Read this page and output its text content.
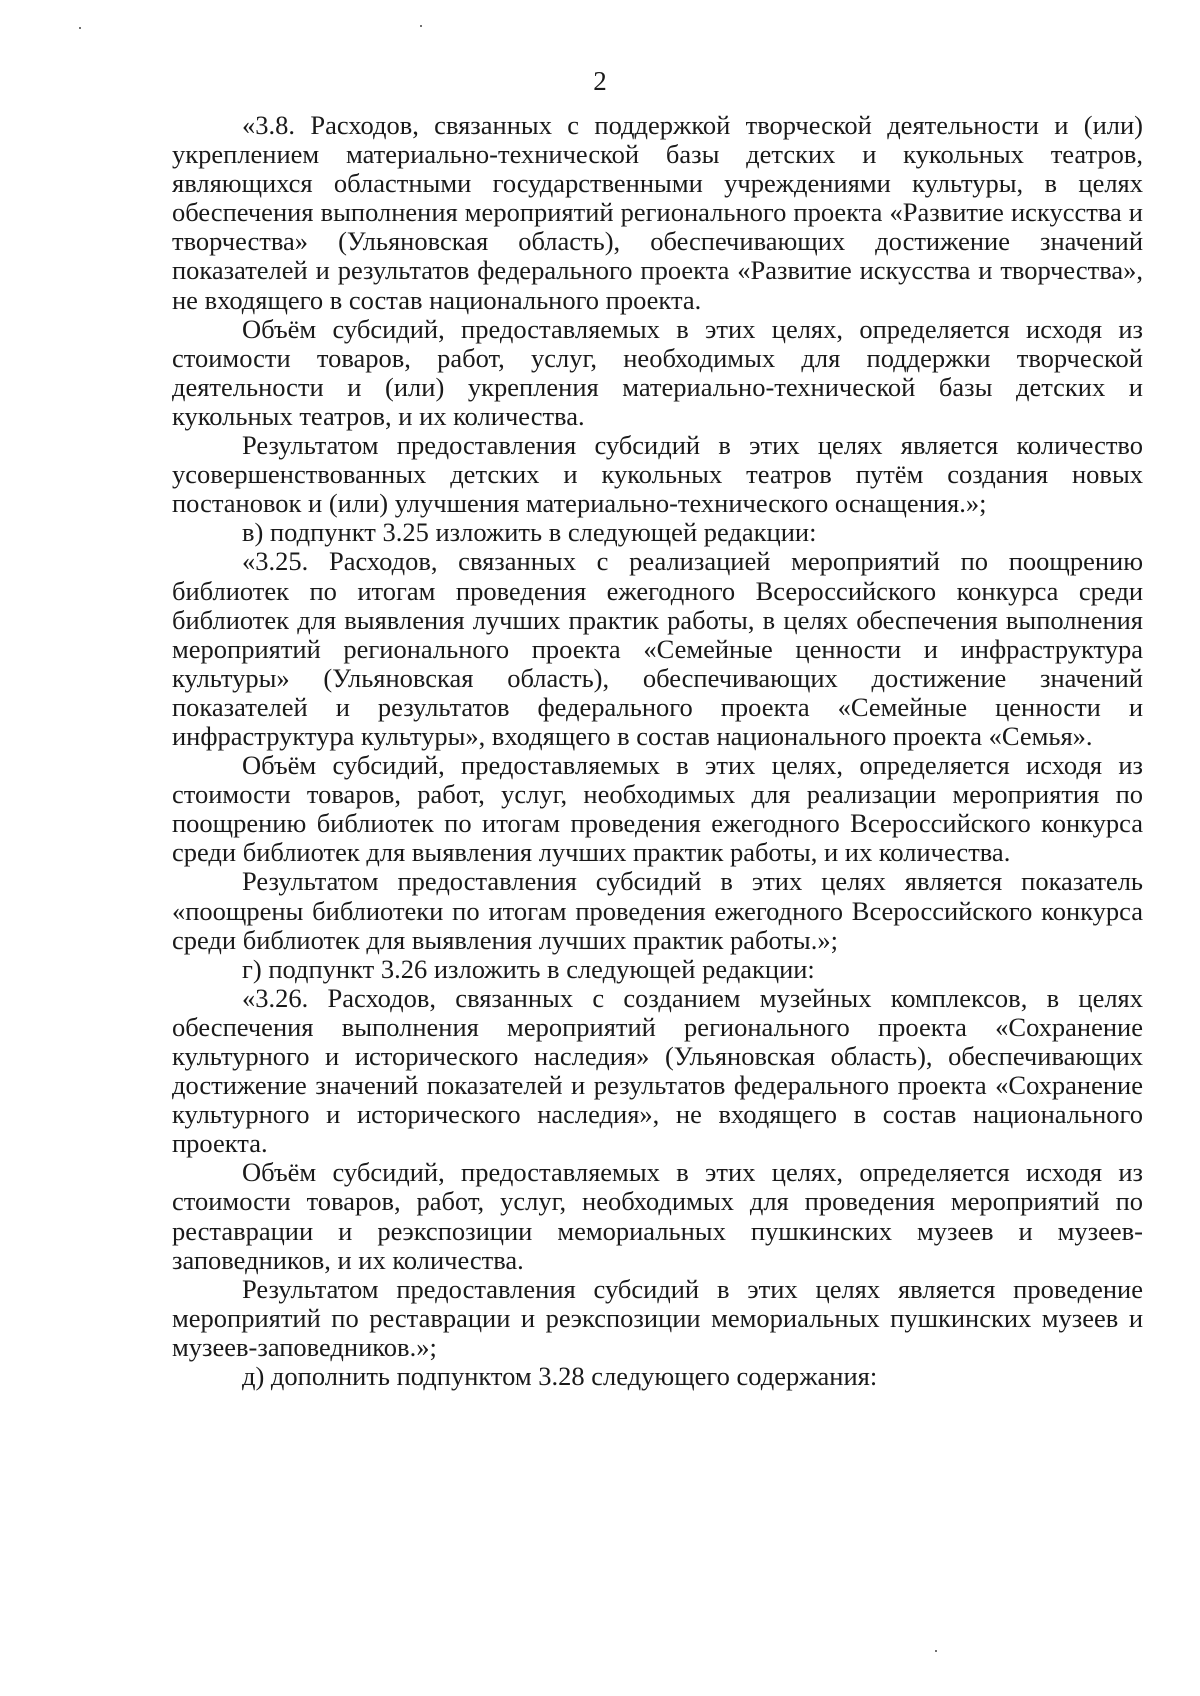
2

«3.8. Расходов, связанных с поддержкой творческой деятельности и (или) укреплением материально-технической базы детских и кукольных театров, являющихся областными государственными учреждениями культуры, в целях обеспечения выполнения мероприятий регионального проекта «Развитие искусства и творчества» (Ульяновская область), обеспечивающих достижение значений показателей и результатов федерального проекта «Развитие искусства и творчества», не входящего в состав национального проекта.

Объём субсидий, предоставляемых в этих целях, определяется исходя из стоимости товаров, работ, услуг, необходимых для поддержки творческой деятельности и (или) укрепления материально-технической базы детских и кукольных театров, и их количества.

Результатом предоставления субсидий в этих целях является количество усовершенствованных детских и кукольных театров путём создания новых постановок и (или) улучшения материально-технического оснащения.»;

в) подпункт 3.25 изложить в следующей редакции:

«3.25. Расходов, связанных с реализацией мероприятий по поощрению библиотек по итогам проведения ежегодного Всероссийского конкурса среди библиотек для выявления лучших практик работы, в целях обеспечения выполнения мероприятий регионального проекта «Семейные ценности и инфраструктура культуры» (Ульяновская область), обеспечивающих достижение значений показателей и результатов федерального проекта «Семейные ценности и инфраструктура культуры», входящего в состав национального проекта «Семья».

Объём субсидий, предоставляемых в этих целях, определяется исходя из стоимости товаров, работ, услуг, необходимых для реализации мероприятия по поощрению библиотек по итогам проведения ежегодного Всероссийского конкурса среди библиотек для выявления лучших практик работы, и их количества.

Результатом предоставления субсидий в этих целях является показатель «поощрены библиотеки по итогам проведения ежегодного Всероссийского конкурса среди библиотек для выявления лучших практик работы.»;

г) подпункт 3.26 изложить в следующей редакции:

«3.26. Расходов, связанных с созданием музейных комплексов, в целях обеспечения выполнения мероприятий регионального проекта «Сохранение культурного и исторического наследия» (Ульяновская область), обеспечивающих достижение значений показателей и результатов федерального проекта «Сохранение культурного и исторического наследия», не входящего в состав национального проекта.

Объём субсидий, предоставляемых в этих целях, определяется исходя из стоимости товаров, работ, услуг, необходимых для проведения мероприятий по реставрации и реэкспозиции мемориальных пушкинских музеев и музеев-заповедников, и их количества.

Результатом предоставления субсидий в этих целях является проведение мероприятий по реставрации и реэкспозиции мемориальных пушкинских музеев и музеев-заповедников.»;

д) дополнить подпунктом 3.28 следующего содержания:
